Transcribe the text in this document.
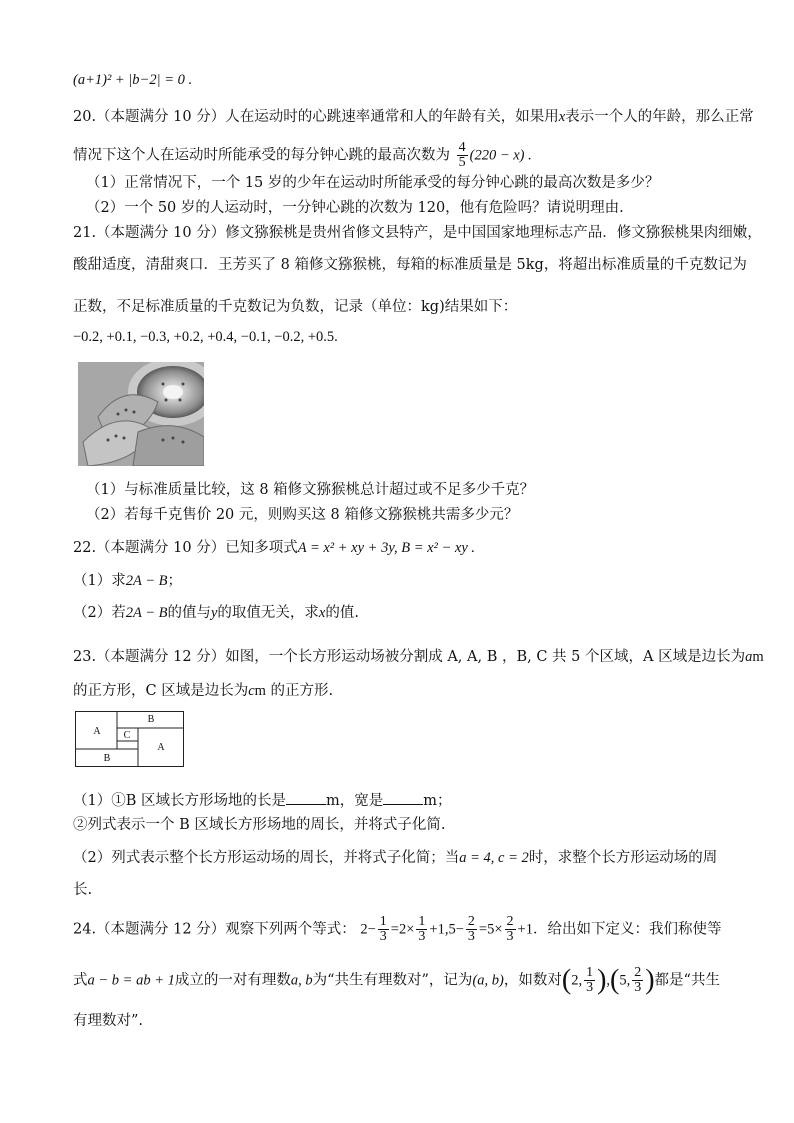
(a+1)² + |b−2| = 0 .
20.（本题满分 10 分）人在运动时的心跳速率通常和人的年龄有关，如果用x表示一个人的年龄，那么正常
情况下这个人在运动时所能承受的每分钟心跳的最高次数为 $\frac{4}{5} (220 - x)$ .
（1）正常情况下，一个 15 岁的少年在运动时所能承受的每分钟心跳的最高次数是多少？
（2）一个 50 岁的人运动时，一分钟心跳的次数为 120，他有危险吗？请说明理由.
21.（本题满分 10 分）修文猕猴桃是贵州省修文县特产，是中国国家地理标志产品．修文猕猴桃果肉细嫩，
酸甜适度，清甜爽口．王芳买了 8 箱修文猕猴桃，每箱的标准质量是 5kg，将超出标准质量的千克数记为
正数，不足标准质量的千克数记为负数，记录（单位：kg)结果如下：
−0.2, +0.1, −0.3, +0.2, +0.4, −0.1, −0.2, +0.5.
（1）与标准质量比较，这 8 箱修文猕猴桃总计超过或不足多少千克？
（2）若每千克售价 20 元，则购买这 8 箱修文猕猴桃共需多少元？
22.（本题满分 10 分）已知多项式A = x² + xy + 3y, B = x² − xy .
（1）求2A − B；
（2）若2A − B的值与y的取值无关，求x的值.
23.（本题满分 12 分）如图，一个长方形运动场被分割成 A, A, B ，B, C 共 5 个区域，A 区域是边长为am
的正方形，C 区域是边长为cm 的正方形.
A
B
C
A
B
（1）①B 区域长方形场地的长是	m，宽是	m；
②列式表示一个 B 区域长方形场地的周长，并将式子化简.
（2）列式表示整个长方形运动场的周长，并将式子化简；当a = 4, c = 2时，求整个长方形运动场的周
长.
24.（本题满分 12 分）观察下列两个等式： $2- \frac{1}{3} =2\times \frac{1}{3} +1,5- \frac{2}{3} =5\times \frac{2}{3} +1$．给出如下定义：我们称使等
式a − b = ab + 1成立的一对有理数a, b为“共生有理数对”，记为(a, b)，如数对(2, $\frac{1}{3} ),(5$, $\frac{2}{3}$ )都是“共生
有理数对”.
